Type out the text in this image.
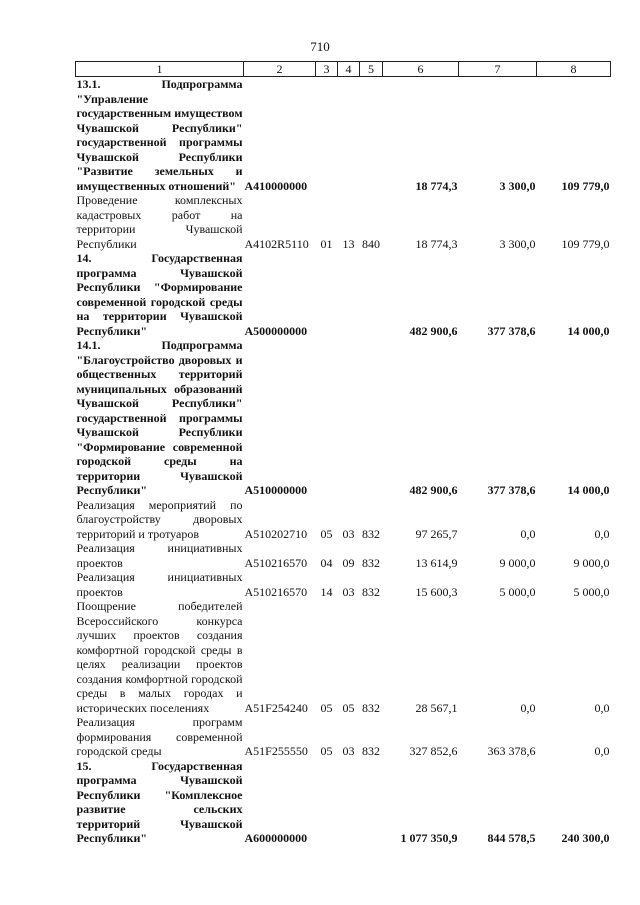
710
1	2	3	4	5	6	7	8
13.1. Подпрограмма "Управление государственным имуществом Чувашской Республики" государственной программы Чувашской Республики "Развитие земельных и имущественных отношений"	А410000000				18 774,3	3 300,0	109 779,0
Проведение комплексных кадастровых работ на территории Чувашской Республики	А4102R5110	01	13	840	18 774,3	3 300,0	109 779,0
14. Государственная программа Чувашской Республики "Формирование современной городской среды на территории Чувашской Республики"	А500000000				482 900,6	377 378,6	14 000,0
14.1. Подпрограмма "Благоустройство дворовых и общественных территорий муниципальных образований Чувашской Республики" государственной программы Чувашской Республики "Формирование современной городской среды на территории Чувашской Республики"	А510000000				482 900,6	377 378,6	14 000,0
Реализация мероприятий по благоустройству дворовых территорий и тротуаров	А510202710	05	03	832	97 265,7	0,0	0,0
Реализация инициативных проектов	А510216570	04	09	832	13 614,9	9 000,0	9 000,0
Реализация инициативных проектов	А510216570	14	03	832	15 600,3	5 000,0	5 000,0
Поощрение победителей Всероссийского конкурса лучших проектов создания комфортной городской среды в целях реализации проектов создания комфортной городской среды в малых городах и исторических поселениях	А51F254240	05	05	832	28 567,1	0,0	0,0
Реализация программ формирования современной городской среды	А51F255550	05	03	832	327 852,6	363 378,6	0,0
15. Государственная программа Чувашской Республики "Комплексное развитие сельских территорий Чувашской Республики"	А600000000				1 077 350,9	844 578,5	240 300,0
